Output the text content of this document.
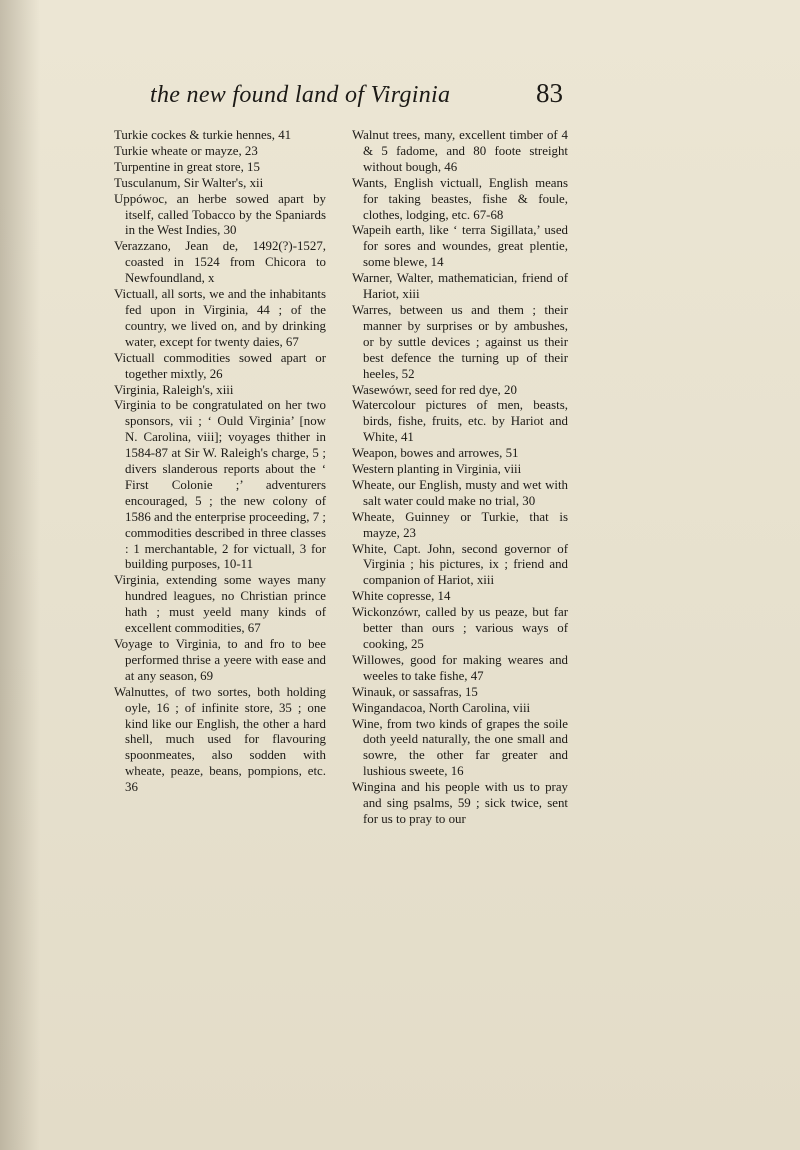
the new found land of Virginia	83
Turkie cockes & turkie hennes, 41
Turkie wheate or mayze, 23
Turpentine in great store, 15
Tusculanum, Sir Walter's, xii
Uppówoc, an herbe sowed apart by itself, called Tobacco by the Spaniards in the West Indies, 30
Verazzano, Jean de, 1492(?)-1527, coasted in 1524 from Chicora to Newfoundland, x
Victuall, all sorts, we and the inhabitants fed upon in Virginia, 44 ; of the country, we lived on, and by drinking water, except for twenty daies, 67
Victuall commodities sowed apart or together mixtly, 26
Virginia, Raleigh's, xiii
Virginia to be congratulated on her two sponsors, vii ; ‘ Ould Virginia’ [now N. Carolina, viii]; voyages thither in 1584-87 at Sir W. Raleigh's charge, 5 ; divers slanderous reports about the ‘ First Colonie ;’ adventurers encouraged, 5 ; the new colony of 1586 and the enterprise proceeding, 7 ; commodities described in three classes : 1 merchantable, 2 for victuall, 3 for building purposes, 10-11
Virginia, extending some wayes many hundred leagues, no Christian prince hath ; must yeeld many kinds of excellent commodities, 67
Voyage to Virginia, to and fro to bee performed thrise a yeere with ease and at any season, 69
Walnuttes, of two sortes, both holding oyle, 16 ; of infinite store, 35 ; one kind like our English, the other a hard shell, much used for flavouring spoonmeates, also sodden with wheate, peaze, beans, pompions, etc. 36
Walnut trees, many, excellent timber of 4 & 5 fadome, and 80 foote streight without bough, 46
Wants, English victuall, English means for taking beastes, fishe & foule, clothes, lodging, etc. 67-68
Wapeih earth, like ‘ terra Sigillata,’ used for sores and woundes, great plentie, some blewe, 14
Warner, Walter, mathematician, friend of Hariot, xiii
Warres, between us and them ; their manner by surprises or by ambushes, or by suttle devices ; against us their best defence the turning up of their heeles, 52
Wasewówr, seed for red dye, 20
Watercolour pictures of men, beasts, birds, fishe, fruits, etc. by Hariot and White, 41
Weapon, bowes and arrowes, 51
Western planting in Virginia, viii
Wheate, our English, musty and wet with salt water could make no trial, 30
Wheate, Guinney or Turkie, that is mayze, 23
White, Capt. John, second governor of Virginia ; his pictures, ix ; friend and companion of Hariot, xiii
White copresse, 14
Wickonzówr, called by us peaze, but far better than ours ; various ways of cooking, 25
Willowes, good for making weares and weeles to take fishe, 47
Winauk, or sassafras, 15
Wingandacoa, North Carolina, viii
Wine, from two kinds of grapes the soile doth yeeld naturally, the one small and sowre, the other far greater and lushious sweete, 16
Wingina and his people with us to pray and sing psalms, 59 ; sick twice, sent for us to pray to our
